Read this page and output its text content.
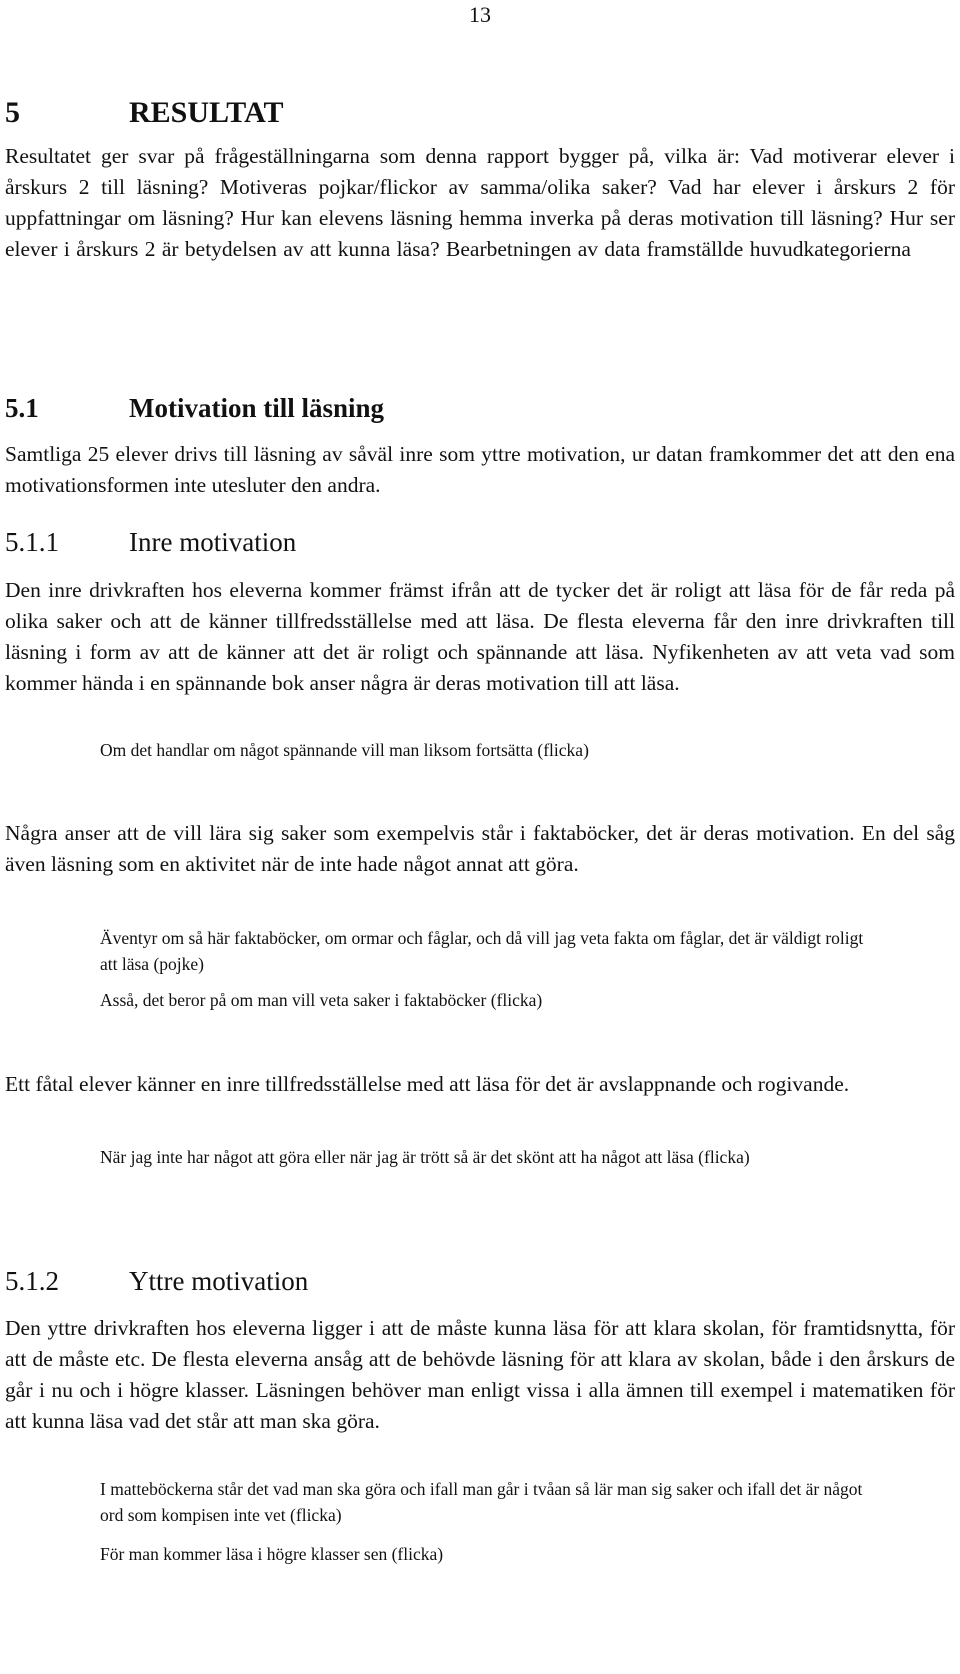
13
5	RESULTAT

Resultatet ger svar på frågeställningarna som denna rapport bygger på, vilka är: Vad motiverar elever i årskurs 2 till läsning? Motiveras pojkar/flickor av samma/olika saker? Vad har elever i årskurs 2 för uppfattningar om läsning? Hur kan elevens läsning hemma inverka på deras motivation till läsning? Hur ser elever i årskurs 2 är betydelsen av att kunna läsa? Bearbetningen av data framställde huvudkategorierna

5.1	Motivation till läsning

Samtliga 25 elever drivs till läsning av såväl inre som yttre motivation, ur datan framkommer det att den ena motivationsformen inte utesluter den andra.

5.1.1	Inre motivation

Den inre drivkraften hos eleverna kommer främst ifrån att de tycker det är roligt att läsa för de får reda på olika saker och att de känner tillfredsställelse med att läsa. De flesta eleverna får den inre drivkraften till läsning i form av att de känner att det är roligt och spännande att läsa. Nyfikenheten av att veta vad som kommer hända i en spännande bok anser några är deras motivation till att läsa.

Om det handlar om något spännande vill man liksom fortsätta (flicka)

Några anser att de vill lära sig saker som exempelvis står i faktaböcker, det är deras motivation. En del såg även läsning som en aktivitet när de inte hade något annat att göra.

Äventyr om så här faktaböcker, om ormar och fåglar, och då vill jag veta fakta om fåglar, det är väldigt roligt att läsa (pojke)

Asså, det beror på om man vill veta saker i faktaböcker (flicka)

Ett fåtal elever känner en inre tillfredsställelse med att läsa för det är avslappnande och rogivande.

När jag inte har något att göra eller när jag är trött så är det skönt att ha något att läsa (flicka)

5.1.2	Yttre motivation

Den yttre drivkraften hos eleverna ligger i att de måste kunna läsa för att klara skolan, för framtidsnytta, för att de måste etc. De flesta eleverna ansåg att de behövde läsning för att klara av skolan, både i den årskurs de går i nu och i högre klasser. Läsningen behöver man enligt vissa i alla ämnen till exempel i matematiken för att kunna läsa vad det står att man ska göra.

I matteböckerna står det vad man ska göra och ifall man går i tvåan så lär man sig saker och ifall det är något ord som kompisen inte vet (flicka)

För man kommer läsa i högre klasser sen (flicka)
